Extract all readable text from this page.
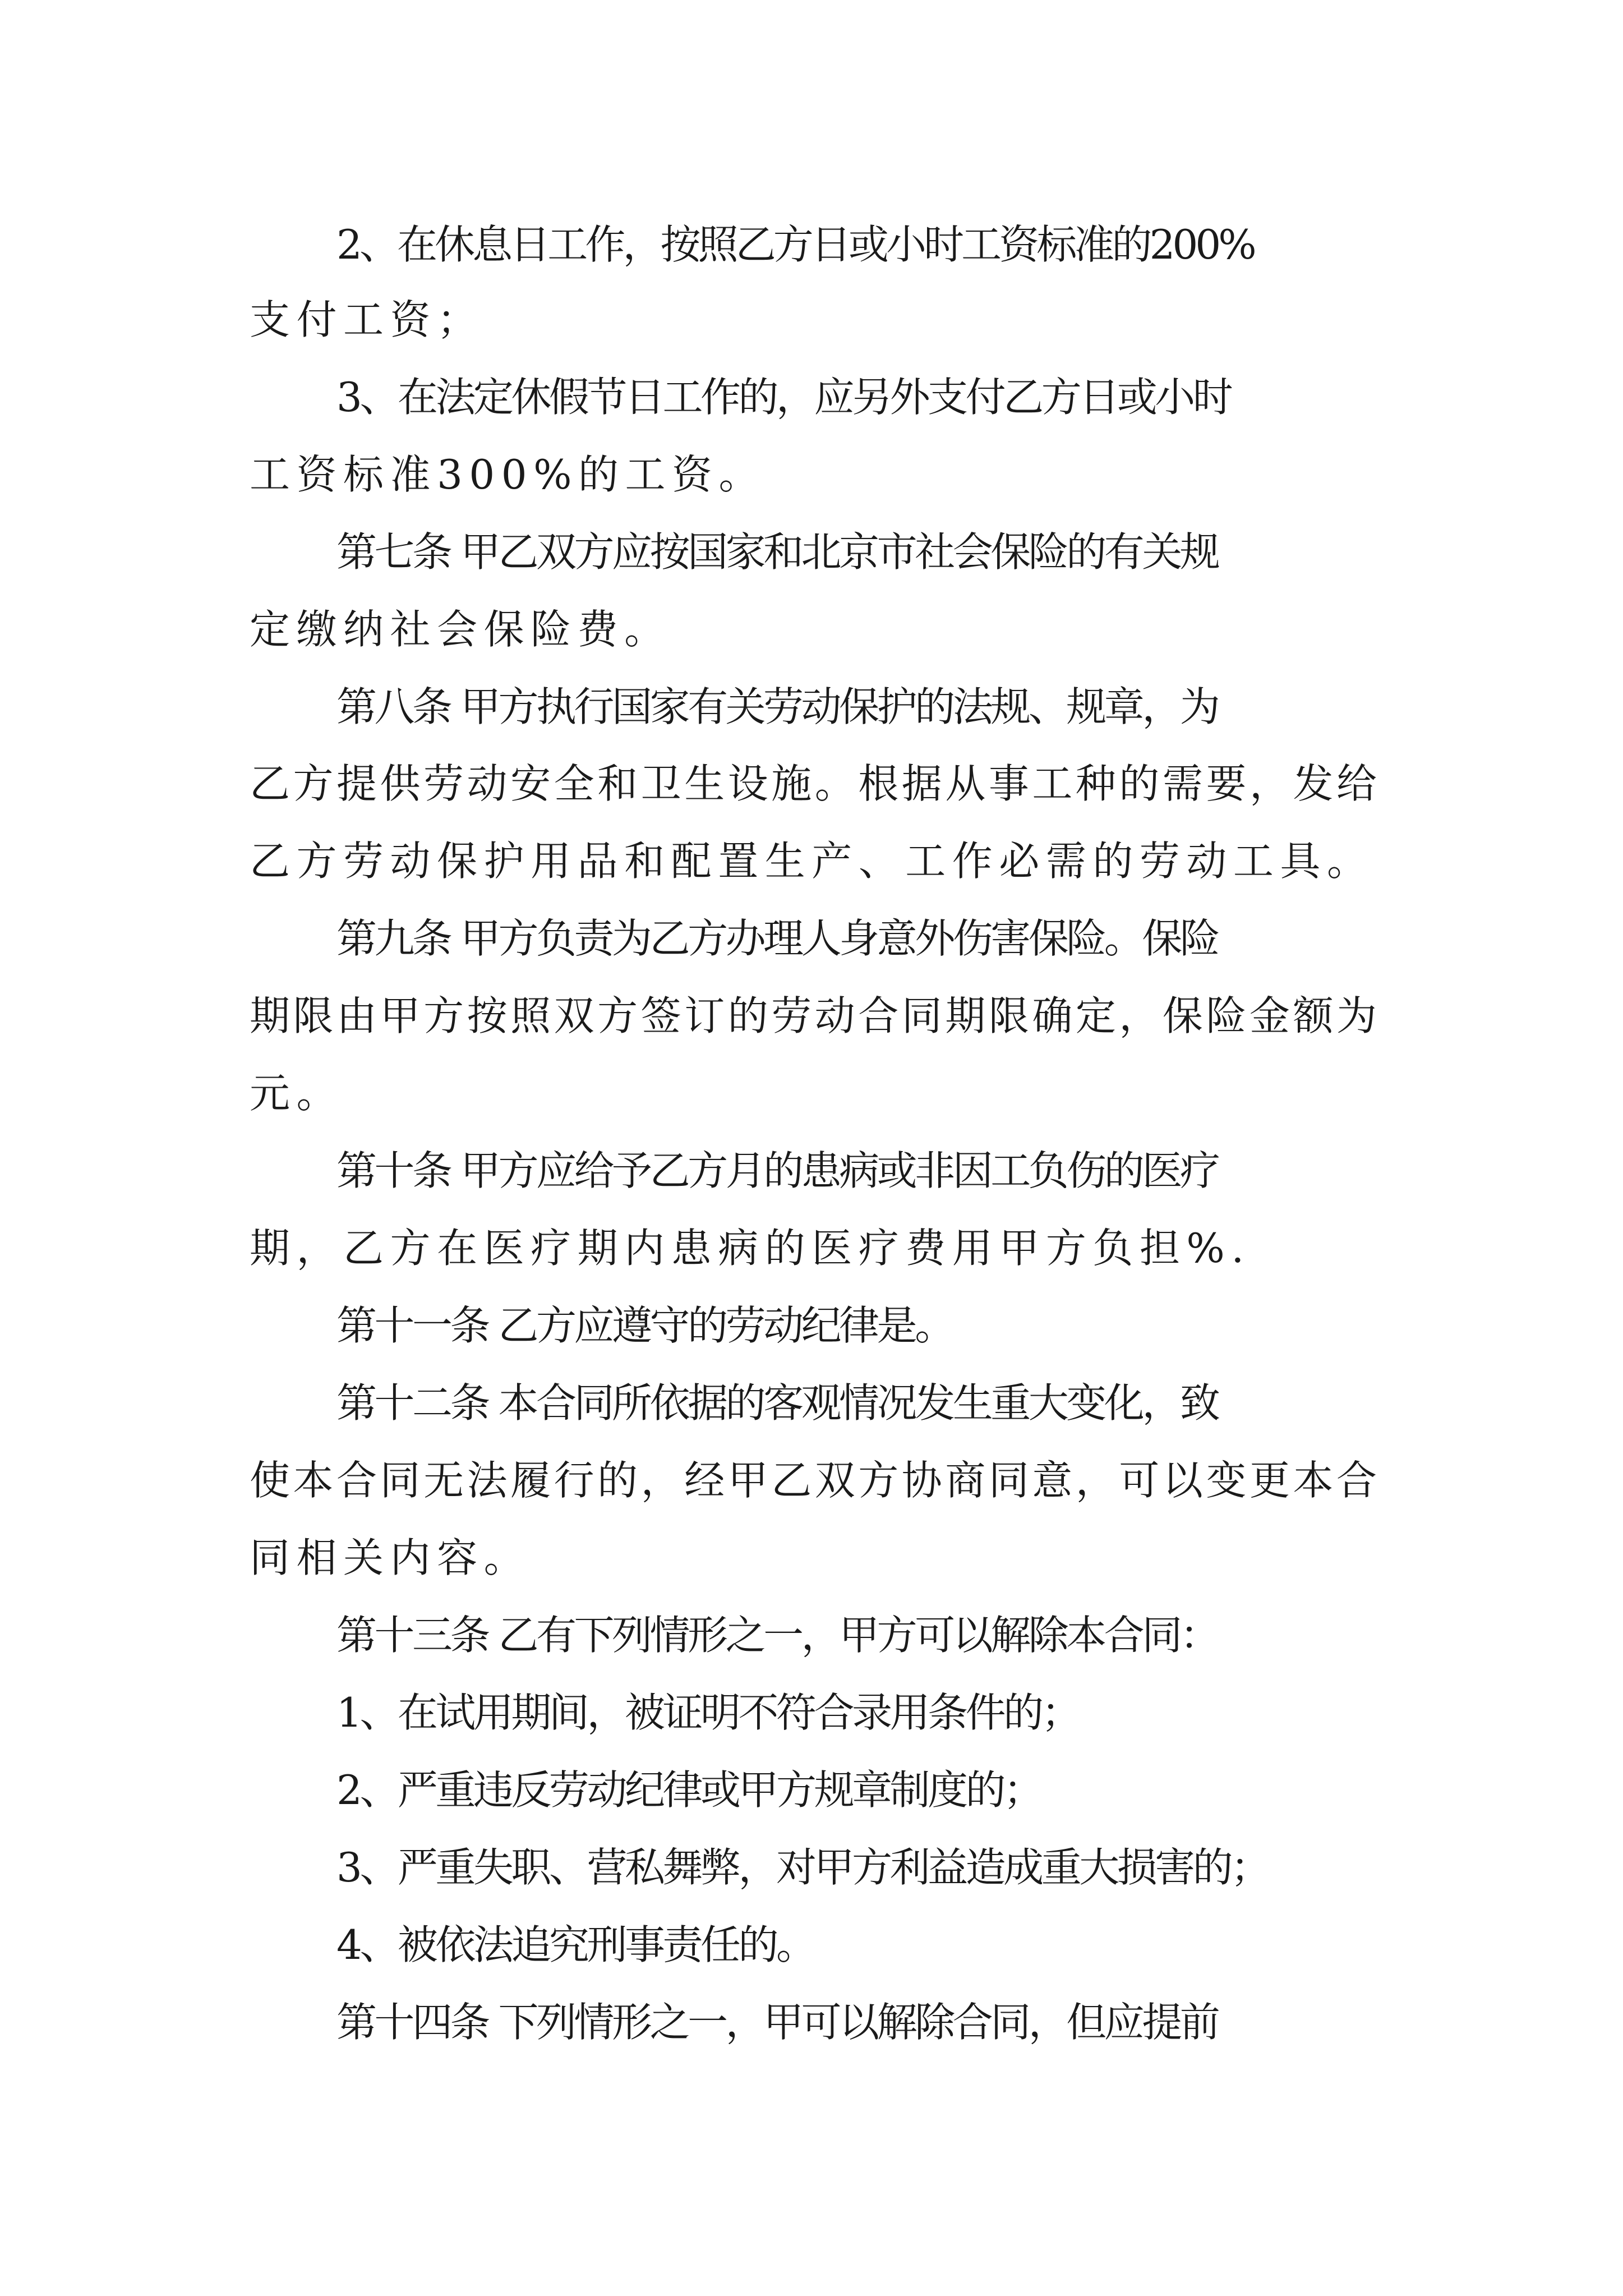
2、在休息日工作，按照乙方日或小时工资标准的200%

支付工资；

3、在法定休假节日工作的，应另外支付乙方日或小时

工资标准300%的工资。

第七条 甲乙双方应按国家和北京市社会保险的有关规

定缴纳社会保险费。

第八条 甲方执行国家有关劳动保护的法规、规章，为

乙方提供劳动安全和卫生设施。根据从事工种的需要，发给

乙方劳动保护用品和配置生产、工作必需的劳动工具。

第九条 甲方负责为乙方办理人身意外伤害保险。保险

期限由甲方按照双方签订的劳动合同期限确定，保险金额为

元。

第十条 甲方应给予乙方月的患病或非因工负伤的医疗

期，乙方在医疗期内患病的医疗费用甲方负担%.

第十一条 乙方应遵守的劳动纪律是。

第十二条 本合同所依据的客观情况发生重大变化，致

使本合同无法履行的，经甲乙双方协商同意，可以变更本合

同相关内容。

第十三条 乙有下列情形之一，甲方可以解除本合同：

1、在试用期间，被证明不符合录用条件的；

2、严重违反劳动纪律或甲方规章制度的；

3、严重失职、营私舞弊，对甲方利益造成重大损害的；

4、被依法追究刑事责任的。

第十四条 下列情形之一，甲可以解除合同，但应提前
